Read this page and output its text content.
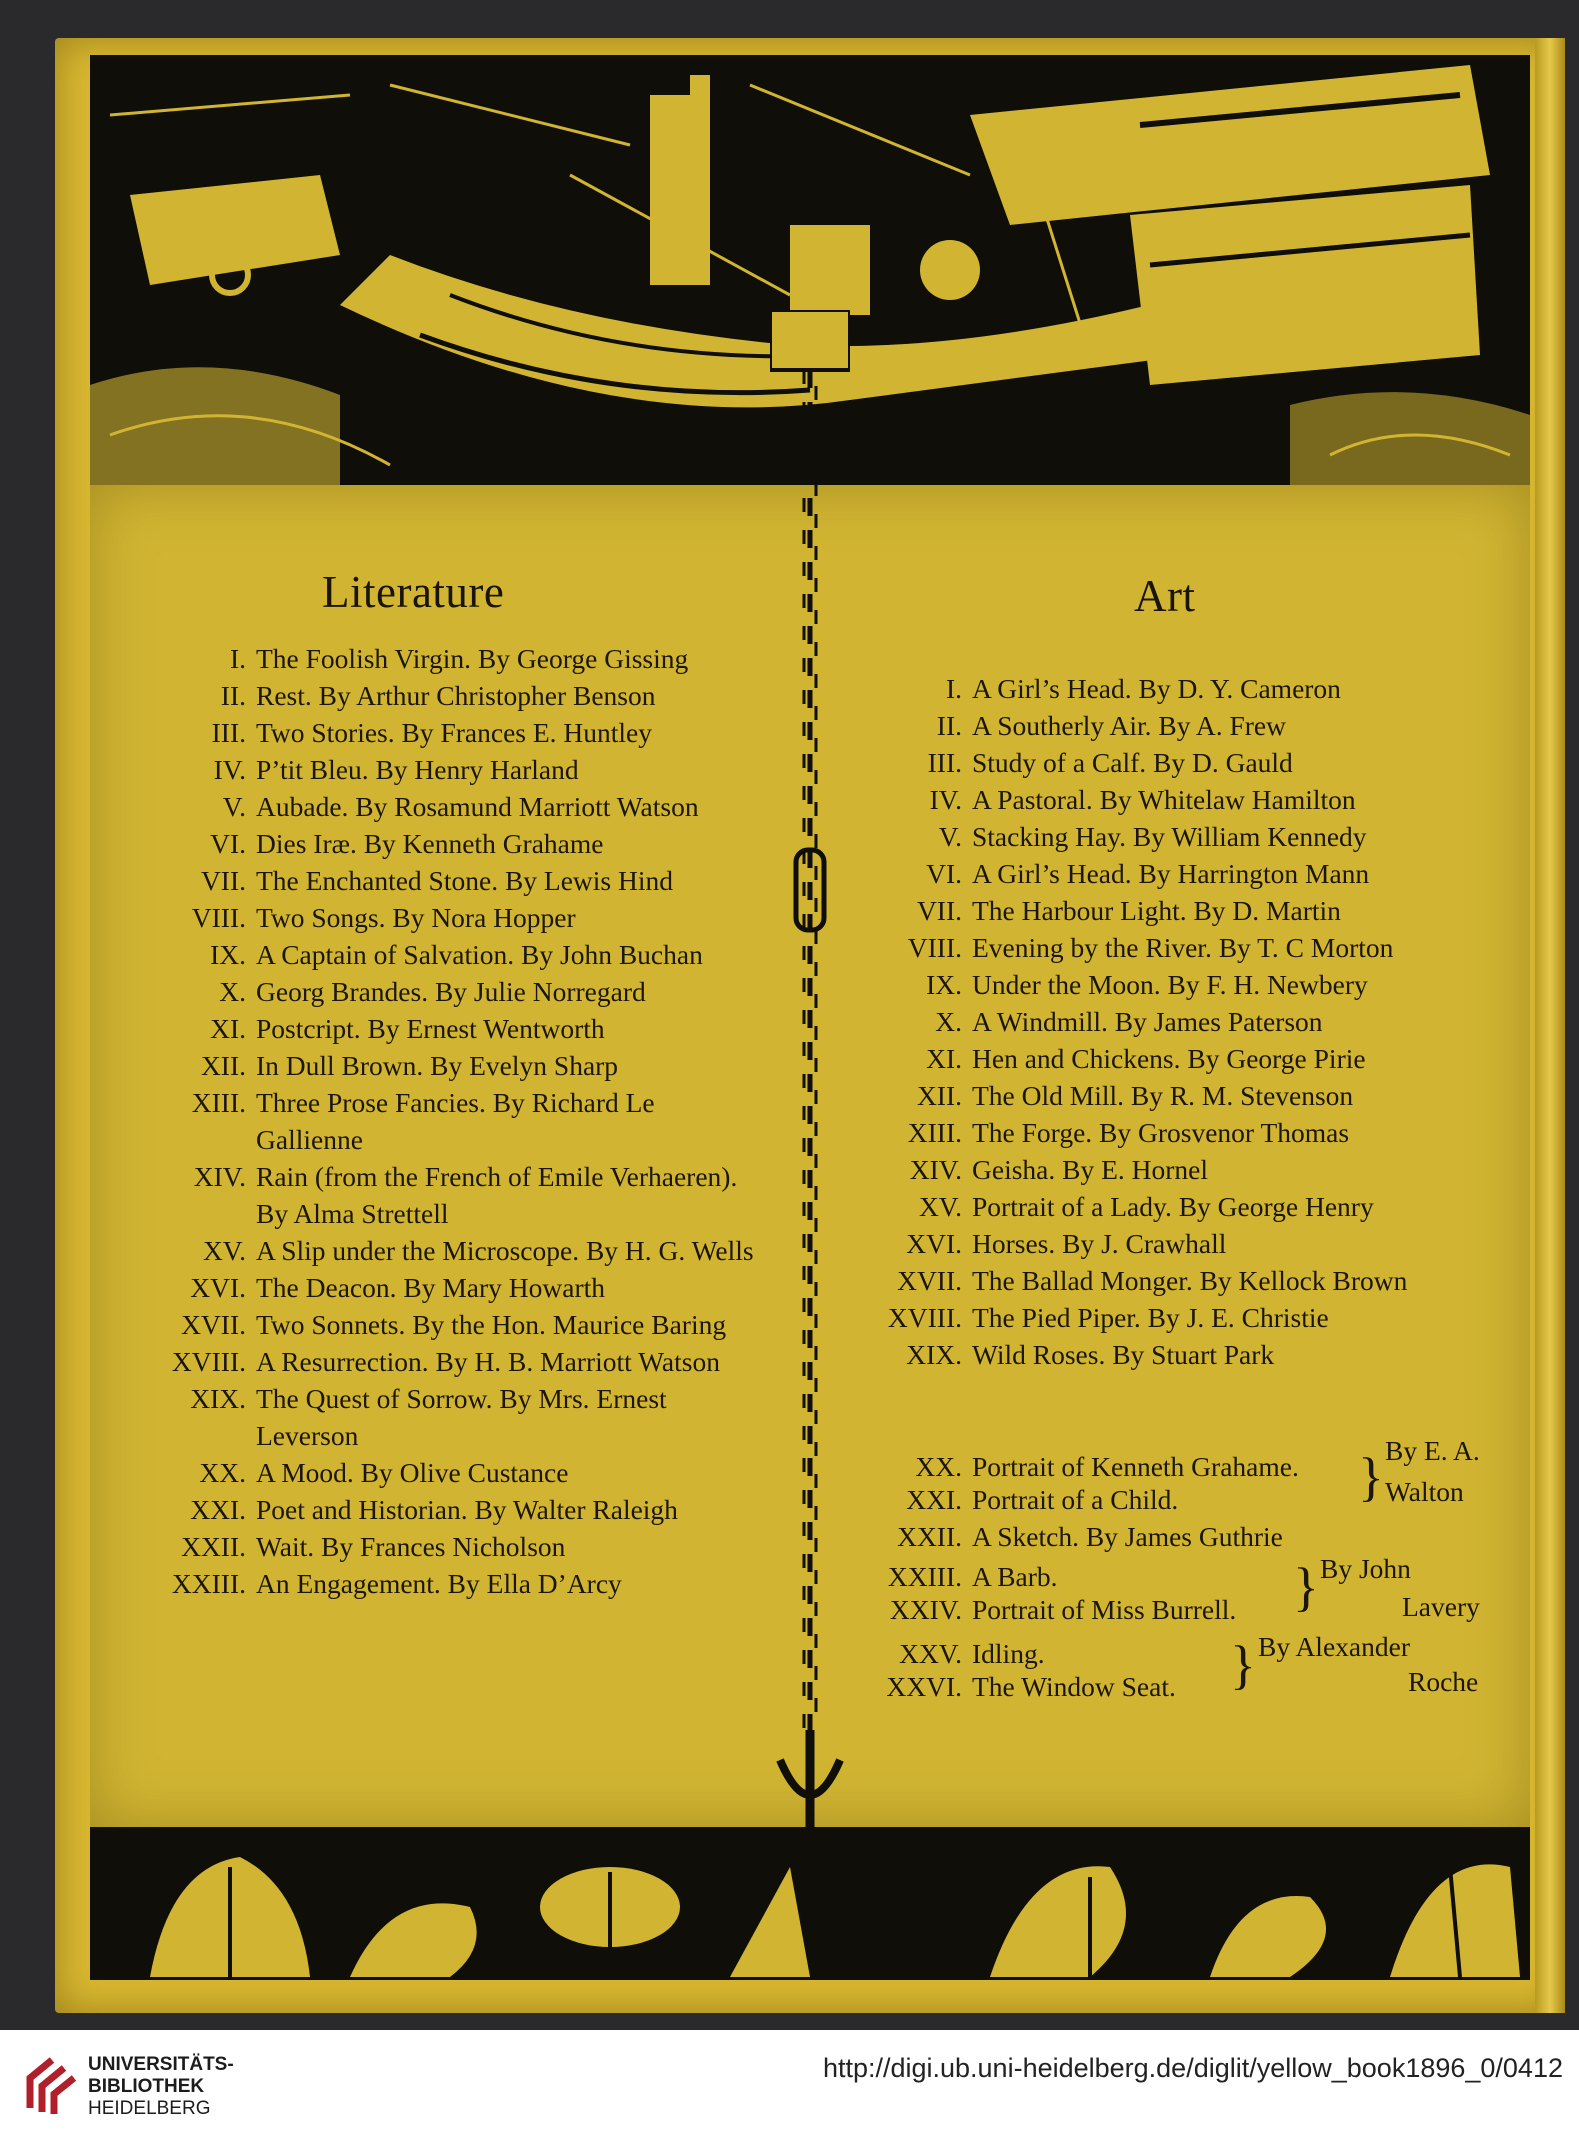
Literature	Art
I. The Foolish Virgin. By George Gissing
II. Rest. By Arthur Christopher Benson
III. Two Stories. By Frances E. Huntley
IV. P’tit Bleu. By Henry Harland
V. Aubade. By Rosamund Marriott Watson
VI. Dies Iræ. By Kenneth Grahame
VII. The Enchanted Stone. By Lewis Hind
VIII. Two Songs. By Nora Hopper
IX. A Captain of Salvation. By John Buchan
X. Georg Brandes. By Julie Norregard
XI. Postcript. By Ernest Wentworth
XII. In Dull Brown. By Evelyn Sharp
XIII. Three Prose Fancies. By Richard Le Gallienne
XIV. Rain (from the French of Emile Verhaeren). By Alma Strettell
XV. A Slip under the Microscope. By H. G. Wells
XVI. The Deacon. By Mary Howarth
XVII. Two Sonnets. By the Hon. Maurice Baring
XVIII. A Resurrection. By H. B. Marriott Watson
XIX. The Quest of Sorrow. By Mrs. Ernest Leverson
XX. A Mood. By Olive Custance
XXI. Poet and Historian. By Walter Raleigh
XXII. Wait. By Frances Nicholson
XXIII. An Engagement. By Ella D’Arcy
I. A Girl’s Head. By D. Y. Cameron
II. A Southerly Air. By A. Frew
III. Study of a Calf. By D. Gauld
IV. A Pastoral. By Whitelaw Hamilton
V. Stacking Hay. By William Kennedy
VI. A Girl’s Head. By Harrington Mann
VII. The Harbour Light. By D. Martin
VIII. Evening by the River. By T. C Morton
IX. Under the Moon. By F. H. Newbery
X. A Windmill. By James Paterson
XI. Hen and Chickens. By George Pirie
XII. The Old Mill. By R. M. Stevenson
XIII. The Forge. By Grosvenor Thomas
XIV. Geisha. By E. Hornel
XV. Portrait of a Lady. By George Henry
XVI. Horses. By J. Crawhall
XVII. The Ballad Monger. By Kellock Brown
XVIII. The Pied Piper. By J. E. Christie
XIX. Wild Roses. By Stuart Park
XX. Portrait of Kenneth Grahame.
XXI. Portrait of a Child.	} By E. A.
Walton
XXII. A Sketch. By James Guthrie
XXIII. A Barb.
XXIV. Portrait of Miss Burrell. } By John
Lavery
XXV. Idling.
XXVI. The Window Seat. } By Alexander
Roche
UNIVERSITÄTS-
BIBLIOTHEK
HEIDELBERG
http://digi.ub.uni-heidelberg.de/diglit/yellow_book1896_0/0412
